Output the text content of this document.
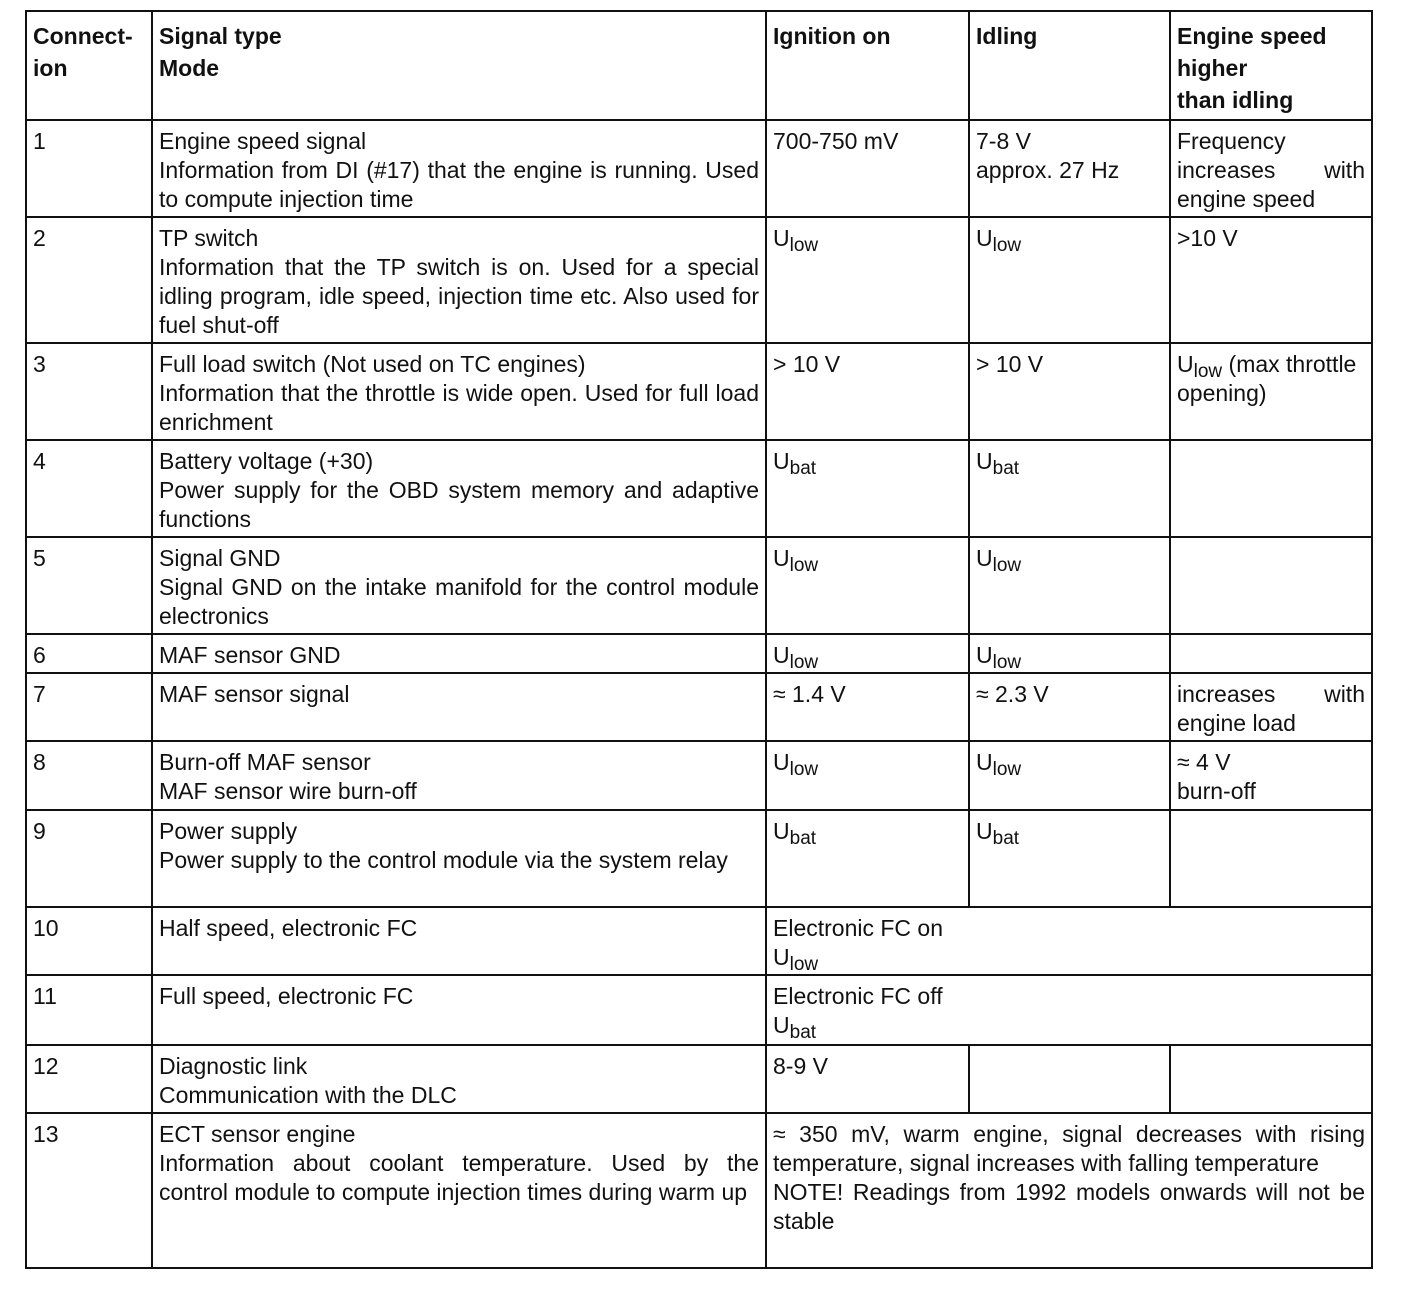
Connect-
ion	Signal type
Mode	Ignition on	Idling	Engine speed
higher
than idling

1	Engine speed signal
Information from DI (#17) that the engine is running. Used to compute injection time	700-750 mV	7-8 V
approx. 27 Hz	Frequency increases with engine speed

2	TP switch
Information that the TP switch is on. Used for a special idling program, idle speed, injection time etc. Also used for fuel shut-off	$U_{low}$	$U_{low}$	>10 V

3	Full load switch (Not used on TC engines)
Information that the throttle is wide open. Used for full load enrichment	> 10 V	> 10 V	$U_{low}$ (max throttle opening)

4	Battery voltage (+30)
Power supply for the OBD system memory and adaptive functions	$U_{bat}$	$U_{bat}$

5	Signal GND
Signal GND on the intake manifold for the control module electronics	$U_{low}$	$U_{low}$

6	MAF sensor GND	$U_{low}$	$U_{low}$

7	MAF sensor signal	≈ 1.4 V	≈ 2.3 V	increases with engine load

8	Burn-off MAF sensor
MAF sensor wire burn-off	$U_{low}$	$U_{low}$	≈ 4 V
burn-off

9	Power supply
Power supply to the control module via the system relay	$U_{bat}$	$U_{bat}$

10	Half speed, electronic FC	Electronic FC on
$U_{low}$

11	Full speed, electronic FC	Electronic FC off
$U_{bat}$

12	Diagnostic link
Communication with the DLC	8-9 V		

13	ECT sensor engine
Information about coolant temperature. Used by the control module to compute injection times during warm up	≈ 350 mV, warm engine, signal decreases with rising temperature, signal increases with falling temperature
NOTE! Readings from 1992 models onwards will not be stable		
